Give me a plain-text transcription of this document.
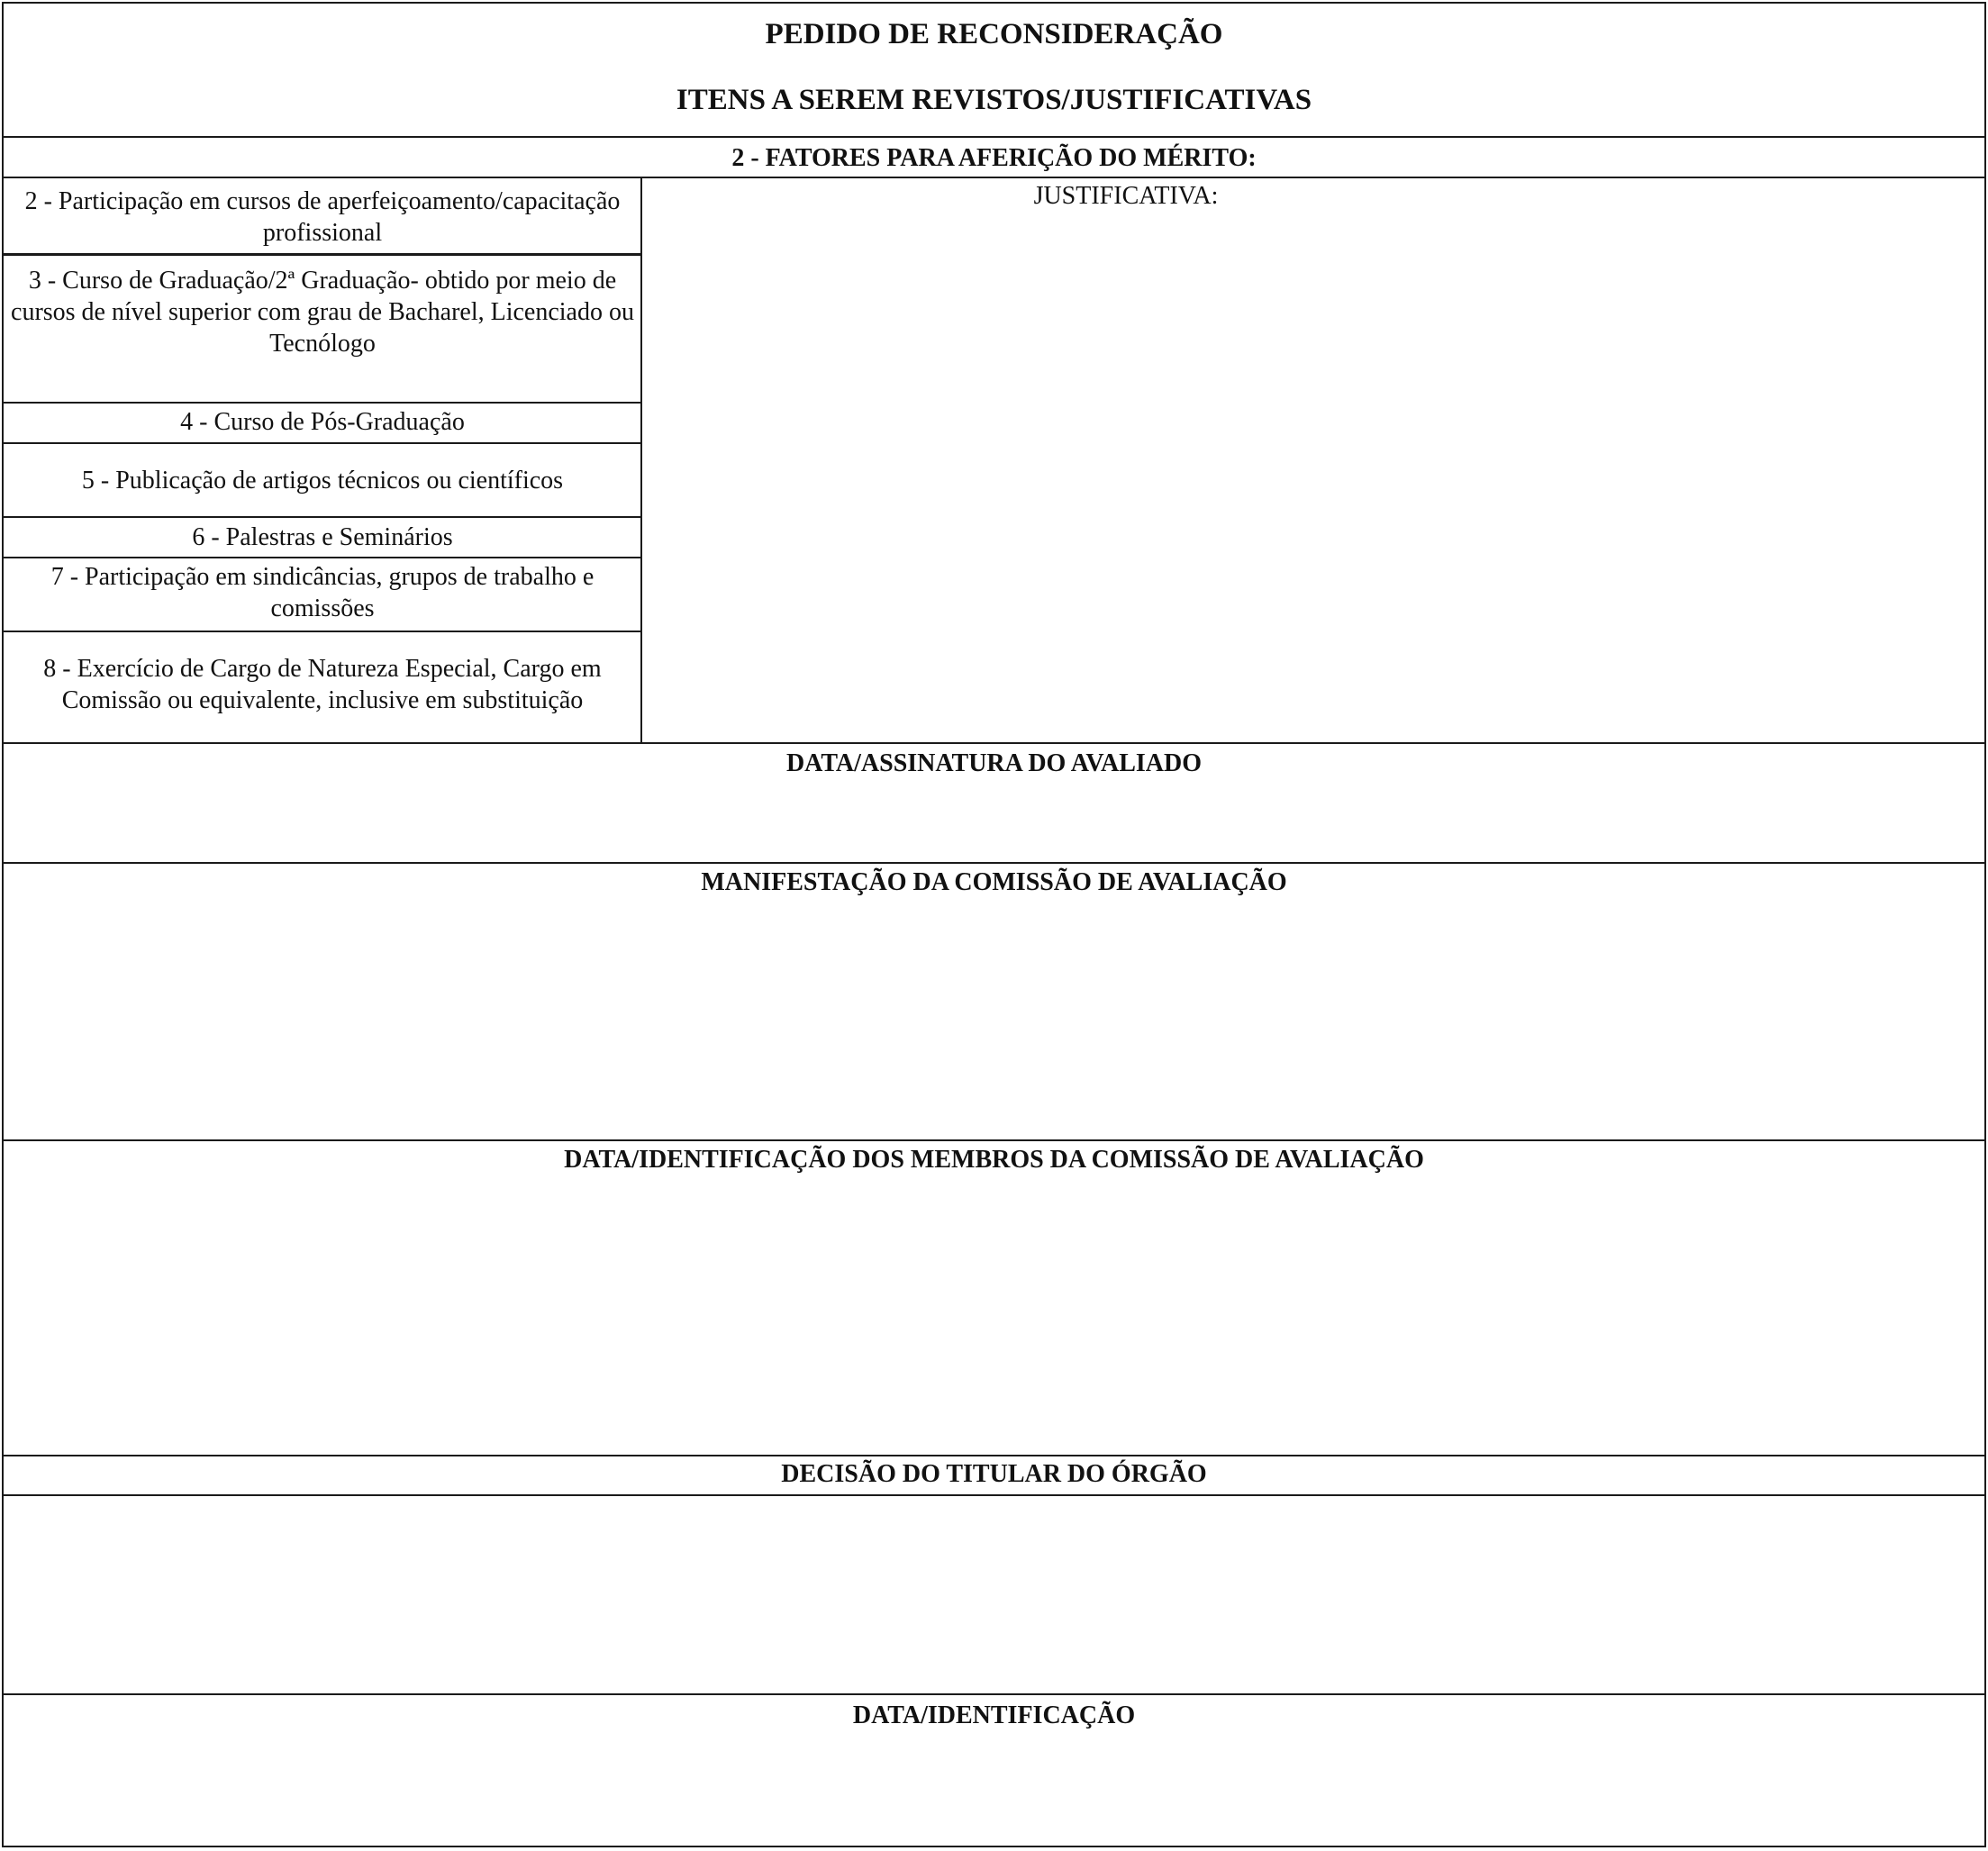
PEDIDO DE RECONSIDERAÇÃO
ITENS A SEREM REVISTOS/JUSTIFICATIVAS
2 - FATORES PARA AFERIÇÃO DO MÉRITO:
JUSTIFICATIVA:
2 - Participação em cursos de aperfeiçoamento/capacitação profissional
3 - Curso de Graduação/2ª Graduação- obtido por meio de cursos de nível superior com grau de Bacharel, Licenciado ou Tecnólogo
4 - Curso de Pós-Graduação
5 - Publicação de artigos técnicos ou científicos
6 - Palestras e Seminários
7 - Participação em sindicâncias, grupos de trabalho e comissões
8 - Exercício de Cargo de Natureza Especial, Cargo em Comissão ou equivalente, inclusive em substituição
DATA/ASSINATURA DO AVALIADO
MANIFESTAÇÃO DA COMISSÃO DE AVALIAÇÃO
DATA/IDENTIFICAÇÃO DOS MEMBROS DA COMISSÃO DE AVALIAÇÃO
DECISÃO DO TITULAR DO ÓRGÃO
DATA/IDENTIFICAÇÃO
